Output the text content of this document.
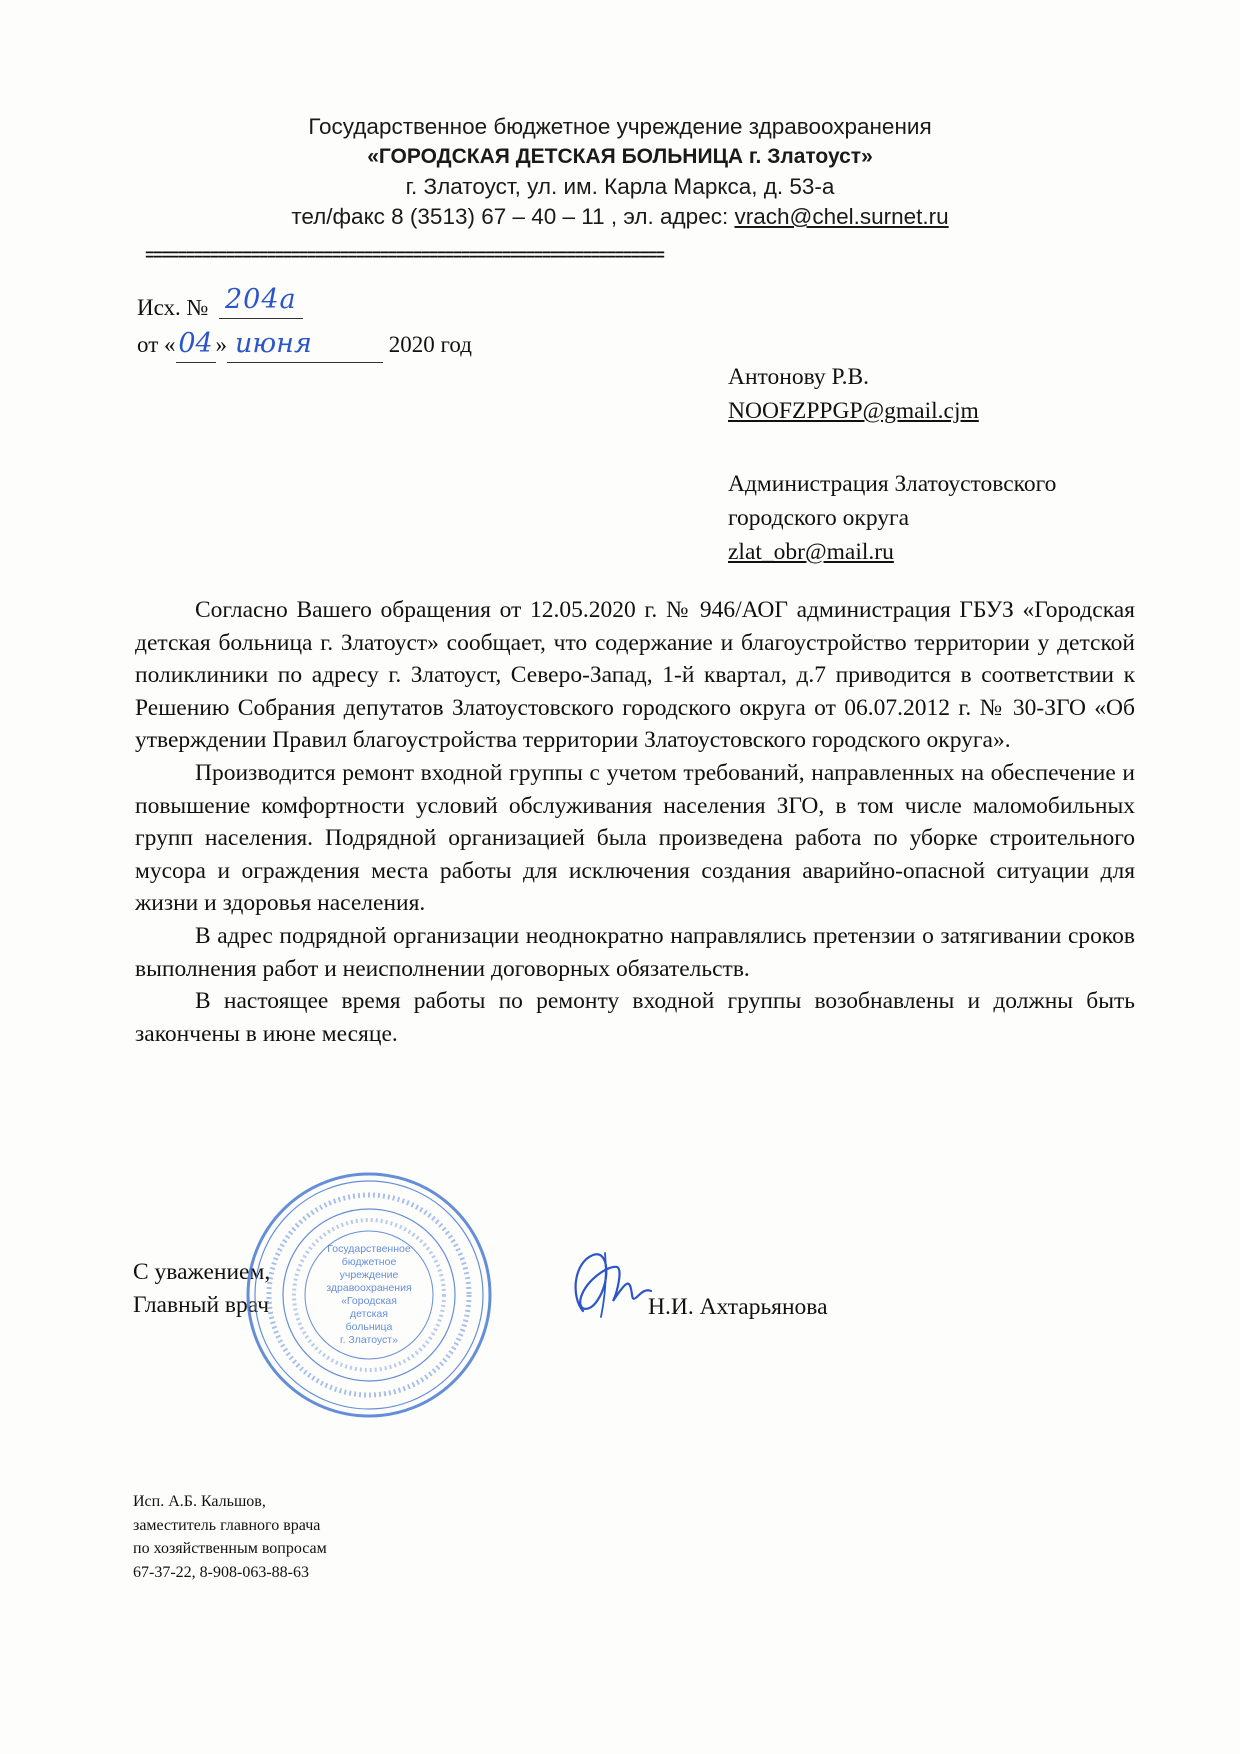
Государственное бюджетное учреждение здравоохранения
«ГОРОДСКАЯ ДЕТСКАЯ БОЛЬНИЦА г. Златоуст»
г. Златоуст, ул. им. Карла Маркса, д. 53-а
тел/факс 8 (3513) 67 – 40 – 11 , эл. адрес: vrach@chel.surnet.ru
================================================================
Исх. № 204а
от « 04 » июня	2020 год
Антонову Р.В.
NOOFZPPGP@gmail.cjm
Администрация Златоустовского
городского округа
zlat_obr@mail.ru

Согласно Вашего обращения от 12.05.2020 г. № 946/АОГ администрация ГБУЗ «Городская детская больница г. Златоуст» сообщает, что содержание и благоустройство территории у детской поликлиники по адресу г. Златоуст, Северо-Запад, 1-й квартал, д.7 приводится в соответствии к Решению Собрания депутатов Златоустовского городского округа от 06.07.2012 г. № 30-ЗГО «Об утверждении Правил благоустройства территории Златоустовского городского округа».

Производится ремонт входной группы с учетом требований, направленных на обеспечение и повышение комфортности условий обслуживания населения ЗГО, в том числе маломобильных групп населения. Подрядной организацией была произведена работа по уборке строительного мусора и ограждения места работы для исключения создания аварийно-опасной ситуации для жизни и здоровья населения.

В адрес подрядной организации неоднократно направлялись претензии о затягивании сроков выполнения работ и неисполнении договорных обязательств.

В настоящее время работы по ремонту входной группы возобнавлены и должны быть закончены в июне месяце.

С уважением,
Главный врач
Государственное
бюджетное
учреждение
здравоохранения
«Городская
детская
больница
г. Златоуст»
Н.И. Ахтарьянова
Исп. А.Б. Кальшов,
заместитель главного врача
по хозяйственным вопросам
67-37-22, 8-908-063-88-63
